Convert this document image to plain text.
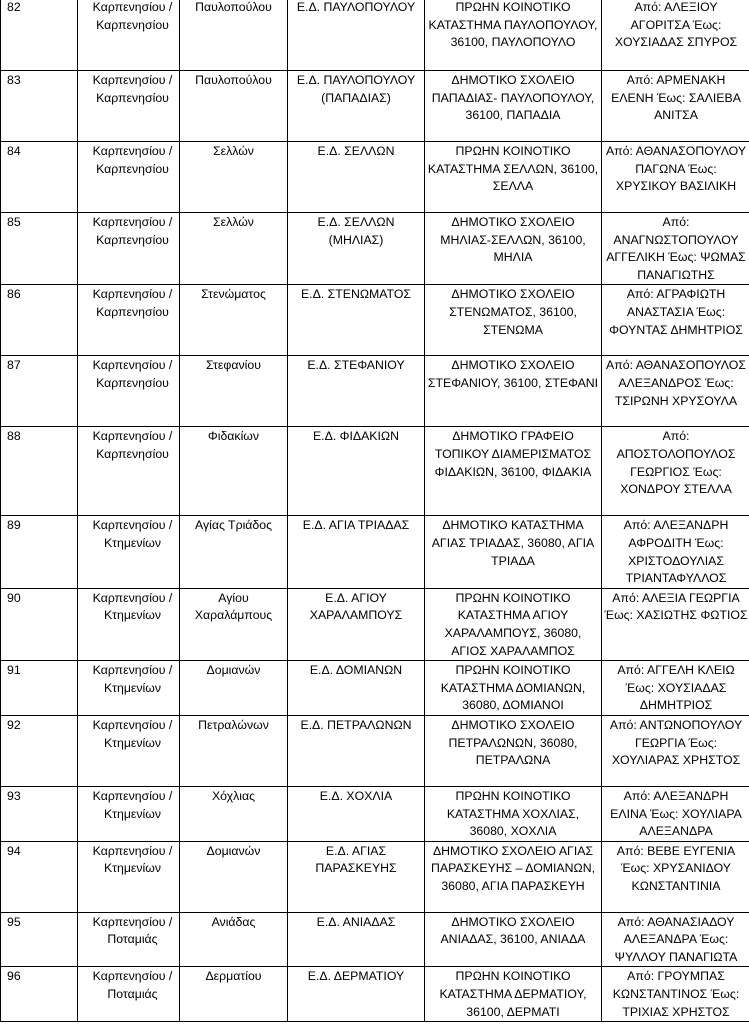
82	Καρπενησίου / Καρπενησίου	Παυλοπούλου	Ε.Δ. ΠΑΥΛΟΠΟΥΛΟΥ	ΠΡΩΗΝ ΚΟΙΝΟΤΙΚΟ ΚΑΤΑΣΤΗΜΑ ΠΑΥΛΟΠΟΥΛΟΥ, 36100, ΠΑΥΛΟΠΟΥΛΟ	Από: ΑΛΕΞΙΟΥ ΑΓΟΡΙΤΣΑ Έως: ΧΟΥΣΙΑΔΑΣ ΣΠΥΡΟΣ
83	Καρπενησίου / Καρπενησίου	Παυλοπούλου	Ε.Δ. ΠΑΥΛΟΠΟΥΛΟΥ (ΠΑΠΑΔΙΑΣ)	ΔΗΜΟΤΙΚΟ ΣΧΟΛΕΙΟ ΠΑΠΑΔΙΑΣ- ΠΑΥΛΟΠΟΥΛΟΥ, 36100, ΠΑΠΑΔΙΑ	Από: ΑΡΜΕΝΑΚΗ ΕΛΕΝΗ Έως: ΣΑΛΙΕΒΑ ΑΝΙΤΣΑ
84	Καρπενησίου / Καρπενησίου	Σελλών	Ε.Δ. ΣΕΛΛΩΝ	ΠΡΩΗΝ ΚΟΙΝΟΤΙΚΟ ΚΑΤΑΣΤΗΜΑ ΣΕΛΛΩΝ, 36100, ΣΕΛΛΑ	Από: ΑΘΑΝΑΣΟΠΟΥΛΟΥ ΠΑΓΩΝΑ Έως: ΧΡΥΣΙΚΟΥ ΒΑΣΙΛΙΚΗ
85	Καρπενησίου / Καρπενησίου	Σελλών	Ε.Δ. ΣΕΛΛΩΝ (ΜΗΛΙΑΣ)	ΔΗΜΟΤΙΚΟ ΣΧΟΛΕΙΟ ΜΗΛΙΑΣ-ΣΕΛΛΩΝ, 36100, ΜΗΛΙΑ	Από: ΑΝΑΓΝΩΣΤΟΠΟΥΛΟΥ ΑΓΓΕΛΙΚΗ Έως: ΨΩΜΑΣ ΠΑΝΑΓΙΩΤΗΣ
86	Καρπενησίου / Καρπενησίου	Στενώματος	Ε.Δ. ΣΤΕΝΩΜΑΤΟΣ	ΔΗΜΟΤΙΚΟ ΣΧΟΛΕΙΟ ΣΤΕΝΩΜΑΤΟΣ, 36100, ΣΤΕΝΩΜΑ	Από: ΑΓΡΑΦΙΩΤΗ ΑΝΑΣΤΑΣΙΑ Έως: ΦΟΥΝΤΑΣ ΔΗΜΗΤΡΙΟΣ
87	Καρπενησίου / Καρπενησίου	Στεφανίου	Ε.Δ. ΣΤΕΦΑΝΙΟΥ	ΔΗΜΟΤΙΚΟ ΣΧΟΛΕΙΟ ΣΤΕΦΑΝΙΟΥ, 36100, ΣΤΕΦΑΝΙ	Από: ΑΘΑΝΑΣΟΠΟΥΛΟΣ ΑΛΕΞΑΝΔΡΟΣ Έως: ΤΣΙΡΩΝΗ ΧΡΥΣΟΥΛΑ
88	Καρπενησίου / Καρπενησίου	Φιδακίων	Ε.Δ. ΦΙΔΑΚΙΩΝ	ΔΗΜΟΤΙΚΟ ΓΡΑΦΕΙΟ ΤΟΠΙΚΟΥ ΔΙΑΜΕΡΙΣΜΑΤΟΣ ΦΙΔΑΚΙΩΝ, 36100, ΦΙΔΑΚΙΑ	Από: ΑΠΟΣΤΟΛΟΠΟΥΛΟΣ ΓΕΩΡΓΙΟΣ Έως: ΧΟΝΔΡΟΥ ΣΤΕΛΛΑ
89	Καρπενησίου / Κτημενίων	Αγίας Τριάδος	Ε.Δ. ΑΓΙΑ ΤΡΙΑΔΑΣ	ΔΗΜΟΤΙΚΟ ΚΑΤΑΣΤΗΜΑ ΑΓΙΑΣ ΤΡΙΑΔΑΣ, 36080, ΑΓΙΑ ΤΡΙΑΔΑ	Από: ΑΛΕΞΑΝΔΡΗ ΑΦΡΟΔΙΤΗ Έως: ΧΡΙΣΤΟΔΟΥΛΙΑΣ ΤΡΙΑΝΤΑΦΥΛΛΟΣ
90	Καρπενησίου / Κτημενίων	Αγίου Χαραλάμπους	Ε.Δ. ΑΓΙΟΥ ΧΑΡΑΛΑΜΠΟΥΣ	ΠΡΩΗΝ ΚΟΙΝΟΤΙΚΟ ΚΑΤΑΣΤΗΜΑ ΑΓΙΟΥ ΧΑΡΑΛΑΜΠΟΥΣ, 36080, ΑΓΙΟΣ ΧΑΡΑΛΑΜΠΟΣ	Από: ΑΛΕΞΙΑ ΓΕΩΡΓΙΑ Έως: ΧΑΣΙΩΤΗΣ ΦΩΤΙΟΣ
91	Καρπενησίου / Κτημενίων	Δομιανών	Ε.Δ. ΔΟΜΙΑΝΩΝ	ΠΡΩΗΝ ΚΟΙΝΟΤΙΚΟ ΚΑΤΑΣΤΗΜΑ ΔΟΜΙΑΝΩΝ, 36080, ΔΟΜΙΑΝΟΙ	Από: ΑΓΓΕΛΗ ΚΛΕΙΩ Έως: ΧΟΥΣΙΑΔΑΣ ΔΗΜΗΤΡΙΟΣ
92	Καρπενησίου / Κτημενίων	Πετραλώνων	Ε.Δ. ΠΕΤΡΑΛΩΝΩΝ	ΔΗΜΟΤΙΚΟ ΣΧΟΛΕΙΟ ΠΕΤΡΑΛΩΝΩΝ, 36080, ΠΕΤΡΑΛΩΝΑ	Από: ΑΝΤΩΝΟΠΟΥΛΟΥ ΓΕΩΡΓΙΑ Έως: ΧΟΥΛΙΑΡΑΣ ΧΡΗΣΤΟΣ
93	Καρπενησίου / Κτημενίων	Χόχλιας	Ε.Δ. ΧΟΧΛΙΑ	ΠΡΩΗΝ ΚΟΙΝΟΤΙΚΟ ΚΑΤΑΣΤΗΜΑ ΧΟΧΛΙΑΣ, 36080, ΧΟΧΛΙΑ	Από: ΑΛΕΞΑΝΔΡΗ ΕΛΙΝΑ Έως: ΧΟΥΛΙΑΡΑ ΑΛΕΞΑΝΔΡΑ
94	Καρπενησίου / Κτημενίων	Δομιανών	Ε.Δ. ΑΓΙΑΣ ΠΑΡΑΣΚΕΥΗΣ	ΔΗΜΟΤΙΚΟ ΣΧΟΛΕΙΟ ΑΓΙΑΣ ΠΑΡΑΣΚΕΥΗΣ – ΔΟΜΙΑΝΩΝ, 36080, ΑΓΙΑ ΠΑΡΑΣΚΕΥΗ	Από: ΒΕΒΕ ΕΥΓΕΝΙΑ Έως: ΧΡΥΣΑΝΙΔΟΥ ΚΩΝΣΤΑΝΤΙΝΙΑ
95	Καρπενησίου / Ποταμιάς	Ανιάδας	Ε.Δ. ΑΝΙΑΔΑΣ	ΔΗΜΟΤΙΚΟ ΣΧΟΛΕΙΟ ΑΝΙΑΔΑΣ, 36100, ΑΝΙΑΔΑ	Από: ΑΘΑΝΑΣΙΑΔΟΥ ΑΛΕΞΑΝΔΡΑ Έως: ΨΥΛΛΟΥ ΠΑΝΑΓΙΩΤΑ
96	Καρπενησίου / Ποταμιάς	Δερματίου	Ε.Δ. ΔΕΡΜΑΤΙΟΥ	ΠΡΩΗΝ ΚΟΙΝΟΤΙΚΟ ΚΑΤΑΣΤΗΜΑ ΔΕΡΜΑΤΙΟΥ, 36100, ΔΕΡΜΑΤΙ	Από: ΓΡΟΥΜΠΑΣ ΚΩΝΣΤΑΝΤΙΝΟΣ Έως: ΤΡΙΧΙΑΣ ΧΡΗΣΤΟΣ
